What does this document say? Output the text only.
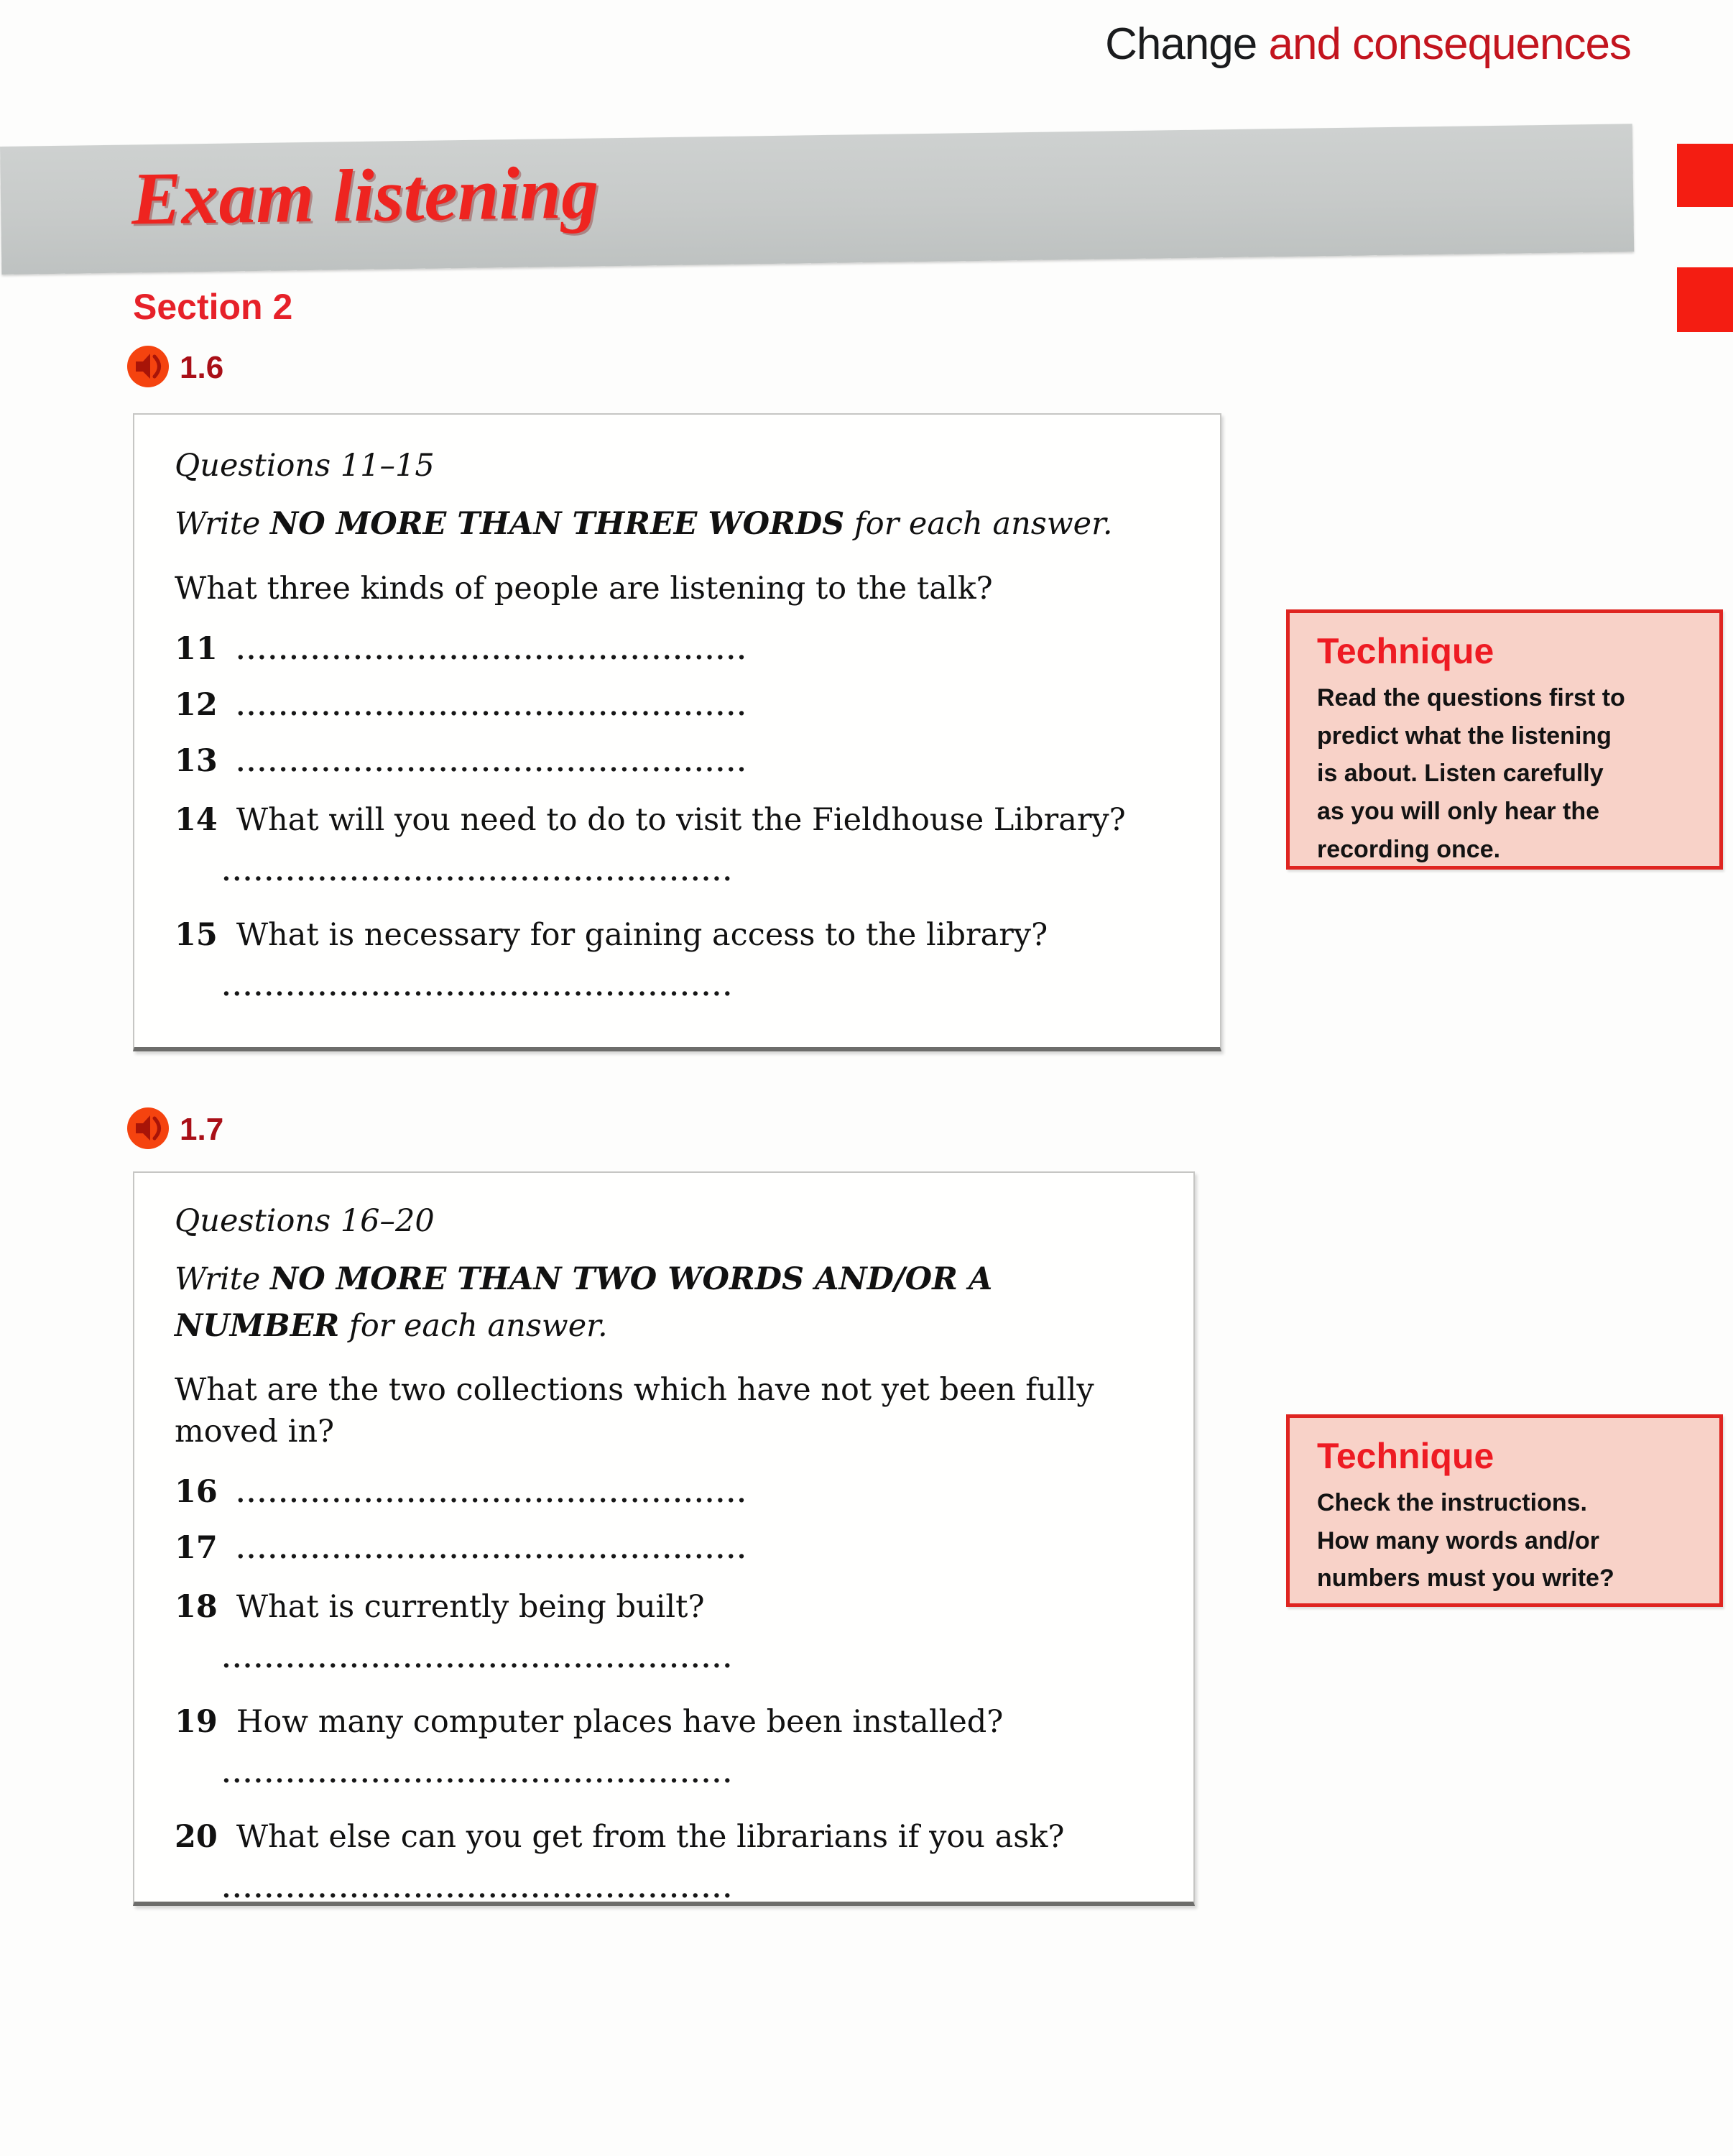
Change and consequences
Exam listening
Section 2
1.6
Questions 11–15
Write NO MORE THAN THREE WORDS for each answer.
What three kinds of people are listening to the talk?
11 ................................................
12 ................................................
13 ................................................
14 What will you need to do to visit the Fieldhouse Library?
................................................
15 What is necessary for gaining access to the library?
................................................
Technique
Read the questions first to
predict what the listening
is about. Listen carefully
as you will only hear the
recording once.
1.7
Questions 16–20
Write NO MORE THAN TWO WORDS AND/OR A NUMBER for each answer.
What are the two collections which have not yet been fully moved in?
16 ................................................
17 ................................................
18 What is currently being built?
................................................
19 How many computer places have been installed?
................................................
20 What else can you get from the librarians if you ask?
................................................
Technique
Check the instructions.
How many words and/or
numbers must you write?
